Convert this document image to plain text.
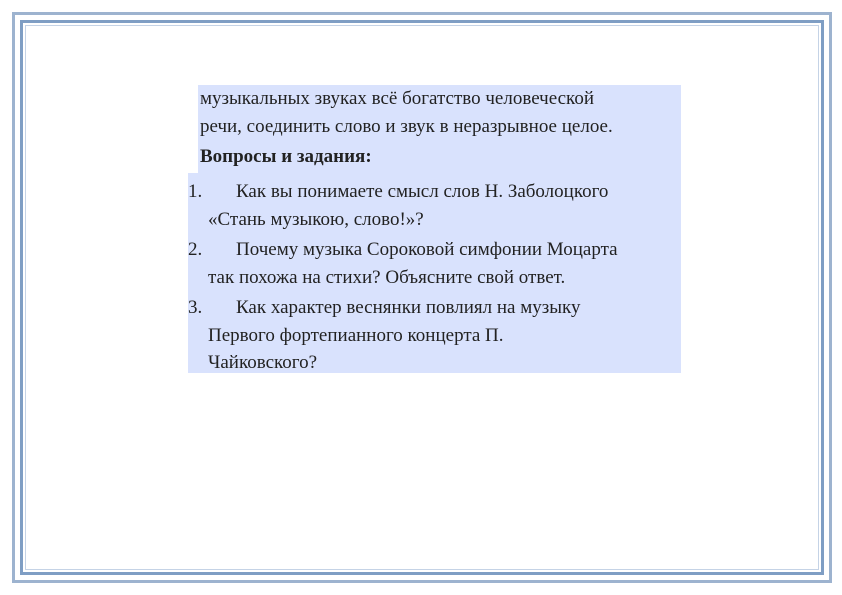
музыкальных звуках всё богатство человеческой

речи, соединить слово и звук в неразрывное целое.

Вопросы и задания:

1. Как вы понимаете смысл слов Н. Заболоцкого
«Стань музыкою, слово!»?
2. Почему музыка Сороковой симфонии Моцарта
так похожа на стихи? Объясните свой ответ.
3. Как характер веснянки повлиял на музыку
Первого фортепианного концерта П.
Чайковского?
